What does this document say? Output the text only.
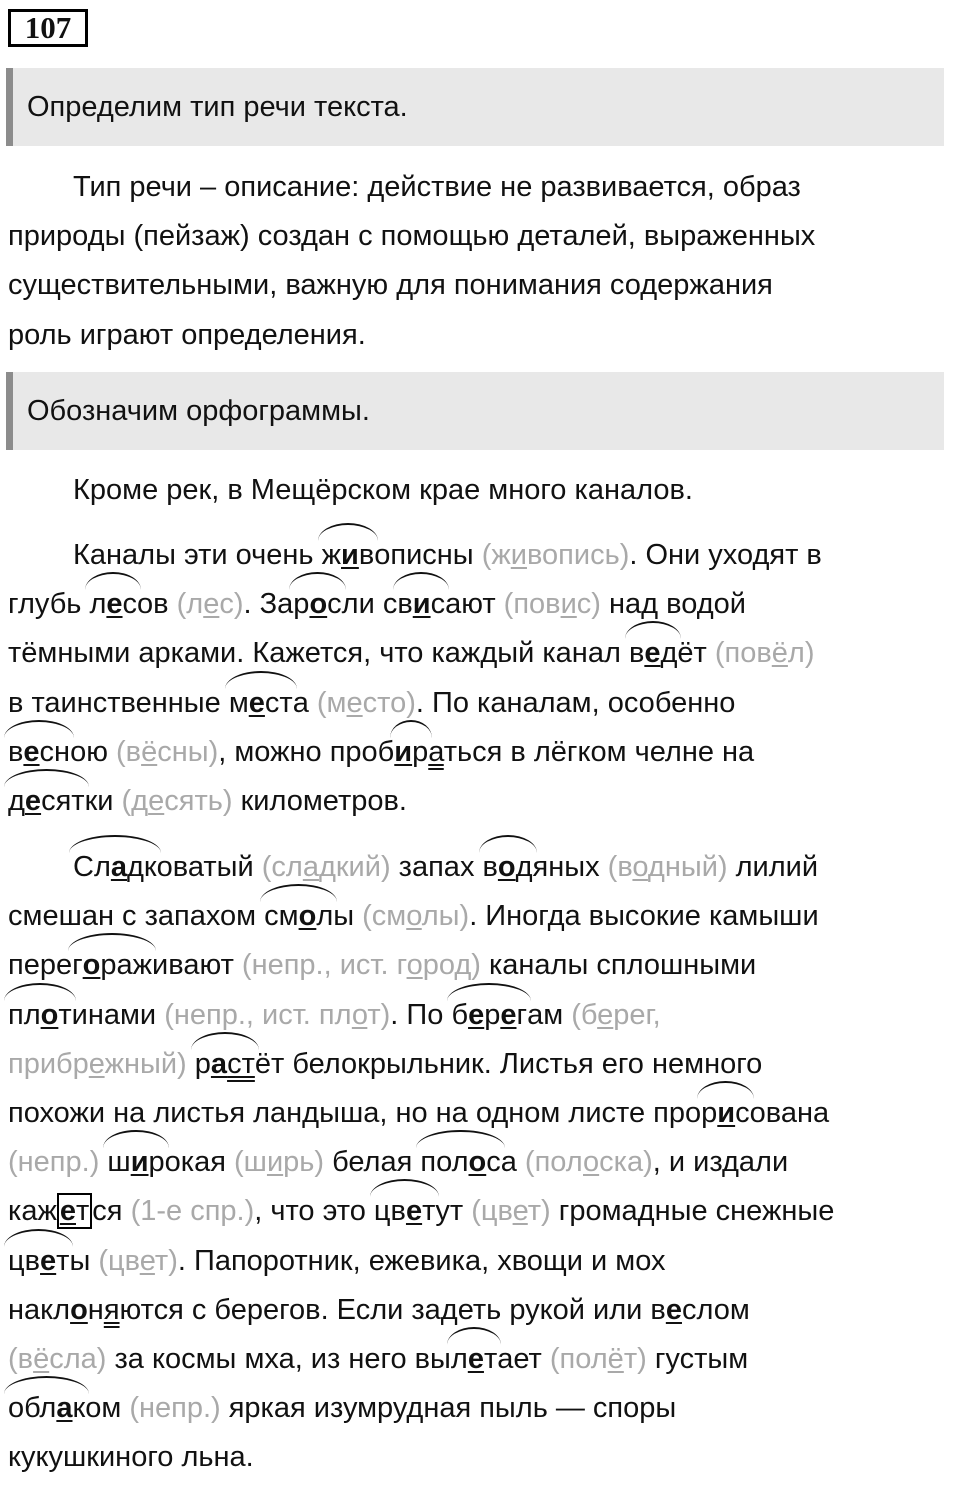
107
Определим тип речи текста.
Тип речи – описание: действие не развивается, образ
природы (пейзаж) создан с помощью деталей, выраженных
существительными, важную для понимания содержания
роль играют определения.
Обозначим орфограммы.
Кроме рек, в Мещёрском крае много каналов.
Каналы эти очень живописны (живопись). Они уходят в
глубь лесов (лес). Заросли свисают (повис) над водой
тёмными арками. Кажется, что каждый канал ведёт (повёл)
в таинственные места (место). По каналам, особенно
весною (вёсны), можно пробираться в лёгком челне на
десятки (десять) километров.
Сладковатый (сладкий) запах водяных (водный) лилий
смешан с запахом смолы (смолы). Иногда высокие камыши
перегораживают (непр., ист. город) каналы сплошными
плотинами (непр., ист. плот). По берегам (берег,
прибрежный) растёт белокрыльник. Листья его немного
похожи на листья ландыша, но на одном листе прорисована
(непр.) широкая (ширь) белая полоса (полоска), и издали
каж ет ся (1-е спр.), что это цветут (цвет) громадные снежные
цветы (цвет). Папоротник, ежевика, хвощи и мох
наклоняются с берегов. Если задеть рукой или веслом
(вёсла) за космы мха, из него вылетает (полёт) густым
облаком (непр.) яркая изумрудная пыль — споры
кукушкиного льна.
